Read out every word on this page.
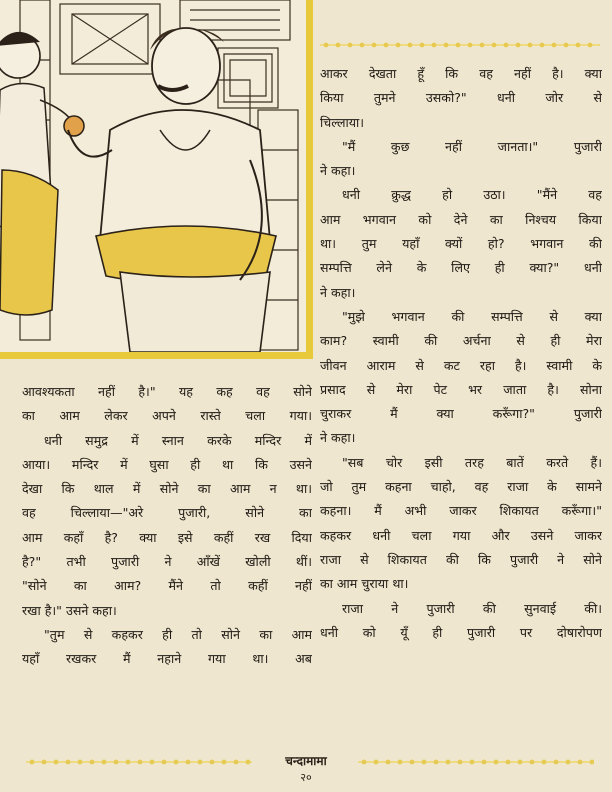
आकर देखता हूँ कि वह नहीं है। क्या

किया तुमने उसको?" धनी जोर से

चिल्लाया।

"मैं कुछ नहीं जानता।" पुजारी

ने कहा।

धनी क्रुद्ध हो उठा। "मैंने वह

आम भगवान को देने का निश्चय किया

था। तुम यहाँ क्यों हो? भगवान की

सम्पत्ति लेने के लिए ही क्या?" धनी

ने कहा।

"मुझे भगवान की सम्पत्ति से क्या

काम? स्वामी की अर्चना से ही मेरा

जीवन आराम से कट रहा है। स्वामी के

प्रसाद से मेरा पेट भर जाता है। सोना

चुराकर मैं क्या करूँगा?" पुजारी

ने कहा।

"सब चोर इसी तरह बातें करते हैं।

जो तुम कहना चाहो, वह राजा के सामने

कहना। मैं अभी जाकर शिकायत करूँगा।"

कहकर धनी चला गया और उसने जाकर

राजा से शिकायत की कि पुजारी ने सोने

का आम चुराया था।

राजा ने पुजारी की सुनवाई की।

धनी को यूँ ही पुजारी पर दोषारोपण

आवश्यकता नहीं है।" यह कह वह सोने

का आम लेकर अपने रास्ते चला गया।

धनी समुद्र में स्नान करके मन्दिर में

आया। मन्दिर में घुसा ही था कि उसने

देखा कि थाल में सोने का आम न था।

वह चिल्लाया—"अरे पुजारी, सोने का

आम कहाँ है? क्या इसे कहीं रख दिया

है?" तभी पुजारी ने आँखें खोली थीं।

"सोने का आम? मैंने तो कहीं नहीं

रखा है।" उसने कहा।

"तुम से कहकर ही तो सोने का आम

यहाँ रखकर मैं नहाने गया था। अब

चन्दामामा
२०
